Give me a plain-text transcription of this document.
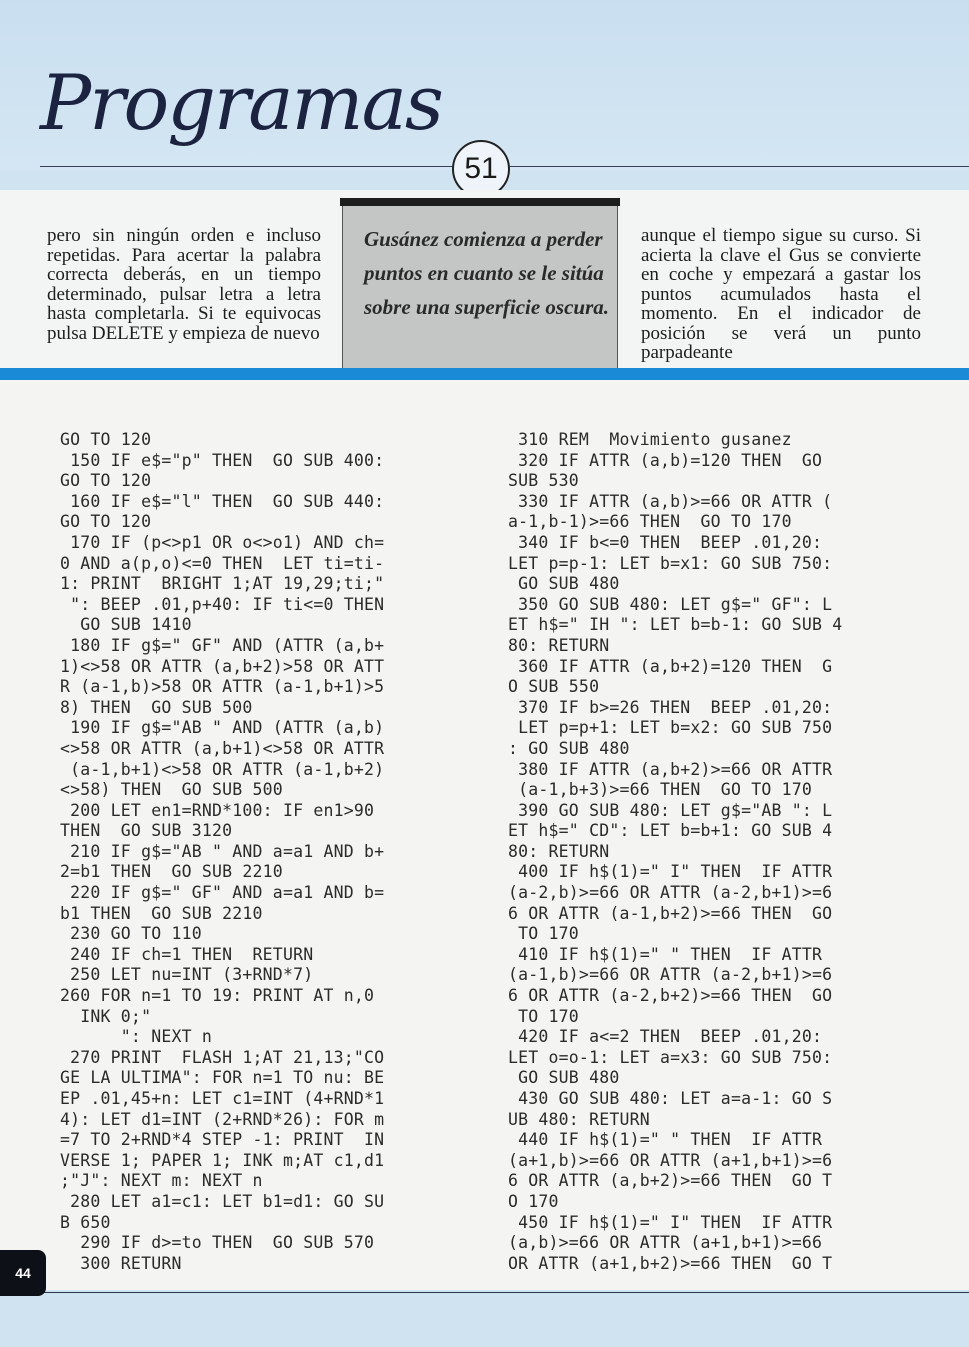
Programas
51
pero sin ningún orden e incluso repetidas. Para acertar la palabra correcta deberás, en un tiempo determinado, pulsar letra a letra hasta completarla. Si te equivocas pulsa DELETE y empieza de nuevo
aunque el tiempo sigue su curso. Si acierta la clave el Gus se convierte en coche y empezará a gastar los puntos acumulados hasta el momento. En el indicador de posición se verá un punto parpadeante
Gusánez comienza a perder puntos en cuanto se le sitúa sobre una superficie oscura.
GO TO 120
150 IF e$="p" THEN  GO SUB 400:
GO TO 120
160 IF e$="l" THEN  GO SUB 440:
GO TO 120
170 IF (p<>p1 OR o<>o1) AND ch=
0 AND a(p,o)<=0 THEN  LET ti=ti-
1: PRINT  BRIGHT 1;AT 19,29;ti;"
": BEEP .01,p+40: IF ti<=0 THEN
GO SUB 1410
180 IF g$=" GF" AND (ATTR (a,b+
1)<>58 OR ATTR (a,b+2)>58 OR ATT
R (a-1,b)>58 OR ATTR (a-1,b+1)>5
8) THEN  GO SUB 500
190 IF g$="AB " AND (ATTR (a,b)
<>58 OR ATTR (a,b+1)<>58 OR ATTR
(a-1,b+1)<>58 OR ATTR (a-1,b+2)
<>58) THEN  GO SUB 500
200 LET en1=RND*100: IF en1>90
THEN  GO SUB 3120
210 IF g$="AB " AND a=a1 AND b+
2=b1 THEN  GO SUB 2210
220 IF g$=" GF" AND a=a1 AND b=
b1 THEN  GO SUB 2210
230 GO TO 110
240 IF ch=1 THEN  RETURN
250 LET nu=INT (3+RND*7)
260 FOR n=1 TO 19: PRINT AT n,0
INK 0;"
": NEXT n
270 PRINT  FLASH 1;AT 21,13;"CO
GE LA ULTIMA": FOR n=1 TO nu: BE
EP .01,45+n: LET c1=INT (4+RND*1
4): LET d1=INT (2+RND*26): FOR m
=7 TO 2+RND*4 STEP -1: PRINT  IN
VERSE 1; PAPER 1; INK m;AT c1,d1
;"J": NEXT m: NEXT n
280 LET a1=c1: LET b1=d1: GO SU
B 650
290 IF d>=to THEN  GO SUB 570
300 RETURN

310 REM  Movimiento gusanez
320 IF ATTR (a,b)=120 THEN  GO
SUB 530
330 IF ATTR (a,b)>=66 OR ATTR (
a-1,b-1)>=66 THEN  GO TO 170
340 IF b<=0 THEN  BEEP .01,20:
LET p=p-1: LET b=x1: GO SUB 750:
GO SUB 480
350 GO SUB 480: LET g$=" GF": L
ET h$=" IH ": LET b=b-1: GO SUB 4
80: RETURN
360 IF ATTR (a,b+2)=120 THEN  G
O SUB 550
370 IF b>=26 THEN  BEEP .01,20:
LET p=p+1: LET b=x2: GO SUB 750
: GO SUB 480
380 IF ATTR (a,b+2)>=66 OR ATTR
(a-1,b+3)>=66 THEN  GO TO 170
390 GO SUB 480: LET g$="AB ": L
ET h$=" CD": LET b=b+1: GO SUB 4
80: RETURN
400 IF h$(1)=" I" THEN  IF ATTR
(a-2,b)>=66 OR ATTR (a-2,b+1)>=6
6 OR ATTR (a-1,b+2)>=66 THEN  GO
TO 170
410 IF h$(1)=" " THEN  IF ATTR
(a-1,b)>=66 OR ATTR (a-2,b+1)>=6
6 OR ATTR (a-2,b+2)>=66 THEN  GO
TO 170
420 IF a<=2 THEN  BEEP .01,20:
LET o=o-1: LET a=x3: GO SUB 750:
GO SUB 480
430 GO SUB 480: LET a=a-1: GO S
UB 480: RETURN
440 IF h$(1)=" " THEN  IF ATTR
(a+1,b)>=66 OR ATTR (a+1,b+1)>=6
6 OR ATTR (a,b+2)>=66 THEN  GO T
O 170
450 IF h$(1)=" I" THEN  IF ATTR
(a,b)>=66 OR ATTR (a+1,b+1)>=66
OR ATTR (a+1,b+2)>=66 THEN  GO T

44
